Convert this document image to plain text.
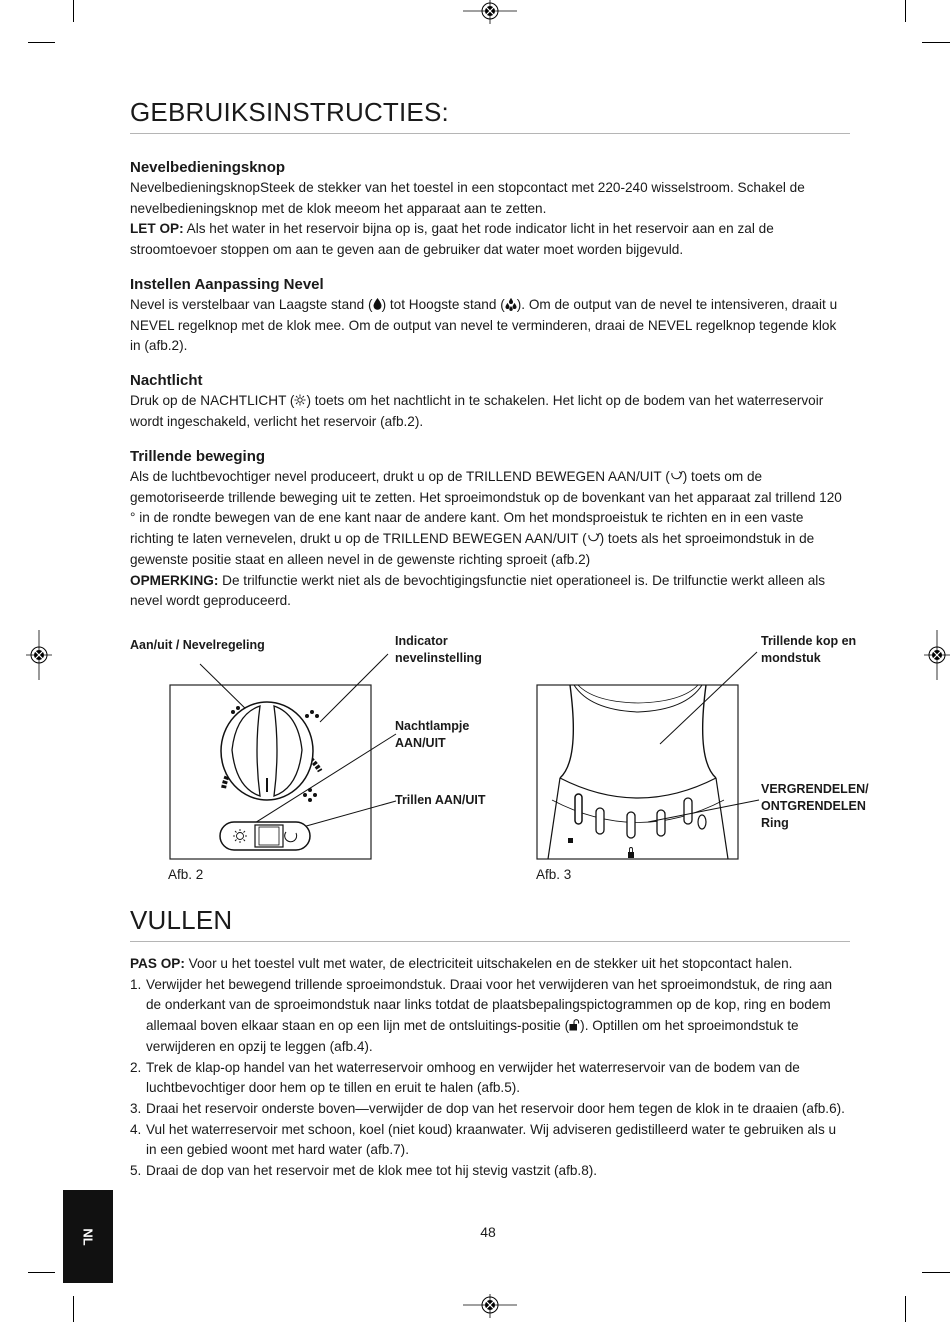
GEBRUIKSINSTRUCTIES:
Nevelbedieningsknop

NevelbedieningsknopSteek de stekker van het toestel in een stopcontact met 220-240 wisselstroom. Schakel de nevelbedieningsknop met de klok meeom het apparaat aan te zetten.

LET OP: Als het water in het reservoir bijna op is, gaat het rode indicator licht in het reservoir aan en zal de stroomtoevoer stoppen om aan te geven aan de gebruiker dat water moet worden bijgevuld.

Instellen Aanpassing Nevel

Nevel is verstelbaar van Laagste stand ( ) tot Hoogste stand ( ). Om de output van de nevel te intensiveren, draait u NEVEL regelknop met de klok mee. Om de output van nevel te verminderen, draai de NEVEL regelknop tegende klok in (afb.2).

Nachtlicht

Druk op de NACHTLICHT ( ) toets om het nachtlicht in te schakelen. Het licht op de bodem van het waterreservoir wordt ingeschakeld, verlicht het reservoir (afb.2).

Trillende beweging

Als de luchtbevochtiger nevel produceert, drukt u op de TRILLEND BEWEGEN AAN/UIT ( ) toets om de gemotoriseerde trillende beweging uit te zetten. Het sproeimondstuk op de bovenkant van het apparaat zal trillend 120 ° in de rondte bewegen van de ene kant naar de andere kant. Om het mondsproeistuk te richten en in een vaste richting te laten vernevelen, drukt u op de TRILLEND BEWEGEN AAN/UIT ( ) toets als het sproeimondstuk in de gewenste positie staat en alleen nevel in de gewenste richting sproeit (afb.2)

OPMERKING: De trilfunctie werkt niet als de bevochtigingsfunctie niet operationeel is. De trilfunctie werkt alleen als nevel wordt geproduceerd.

Aan/uit / Nevelregeling	Indicator
nevelinstelling
Nachtlampje
AAN/UIT
Trillen AAN/UIT
Afb. 2
Trillende kop en
mondstuk
VERGRENDELEN/
ONTGRENDELEN
Ring
Afb. 3
VULLEN

PAS OP: Voor u het toestel vult met water, de electriciteit uitschakelen en de stekker uit het stopcontact halen.

1. Verwijder het bewegend trillende sproeimondstuk. Draai voor het verwijderen van het sproeimondstuk, de ring aan de onderkant van de sproeimondstuk naar links totdat de plaatsbepalingspictogrammen op de kop, ring en bodem allemaal boven elkaar staan en op een lijn met de ontsluitings-positie ( ). Optillen om het sproeimondstuk te verwijderen en opzij te leggen (afb.4).
2. Trek de klap-op handel van het waterreservoir omhoog en verwijder het waterreservoir van de bodem van de luchtbevochtiger door hem op te tillen en eruit te halen (afb.5).
3. Draai het reservoir onderste boven—verwijder de dop van het reservoir door hem tegen de klok in te draaien (afb.6).
4. Vul het waterreservoir met schoon, koel (niet koud) kraanwater. Wij adviseren gedistilleerd water te gebruiken als u in een gebied woont met hard water (afb.7).
5. Draai de dop van het reservoir met de klok mee tot hij stevig vastzit (afb.8).
NL	48
